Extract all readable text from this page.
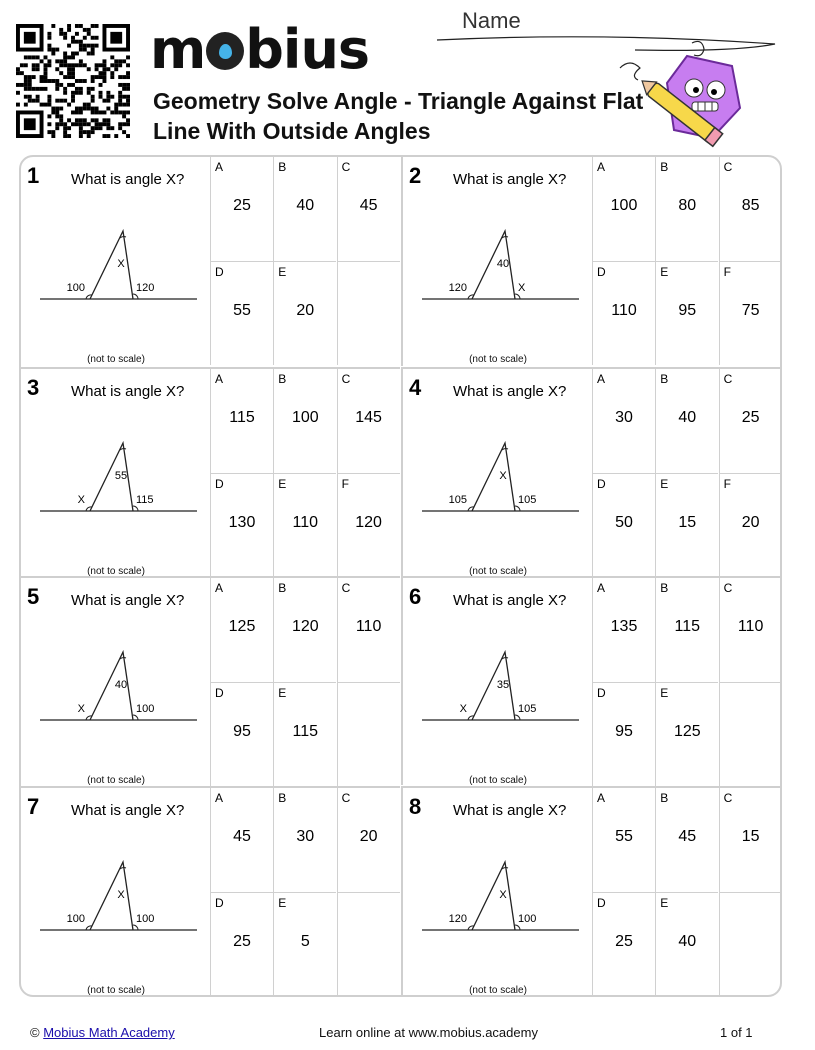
m bius
Geometry Solve Angle - Triangle Against Flat Line With Outside Angles
Name
1 What is angle X?
100
X
120
(not to scale)
A
25
B
40
C
45
D
55
E
20
2 What is angle X?
120
40
X
(not to scale)
A
100
B
80
C
85
D
110
E
95
F
75
3 What is angle X?
X
55
115
(not to scale)
A
115
B
100
C
145
D
130
E
110
F
120
4 What is angle X?
105
X
105
(not to scale)
A
30
B
40
C
25
D
50
E
15
F
20
5 What is angle X?
X
40
100
(not to scale)
A
125
B
120
C
110
D
95
E
115
6 What is angle X?
X
35
105
(not to scale)
A
135
B
115
C
110
D
95
E
125
7 What is angle X?
100
X
100
(not to scale)
A
45
B
30
C
20
D
25
E
5
8 What is angle X?
120
X
100
(not to scale)
A
55
B
45
C
15
D
25
E
40
© Mobius Math Academy	Learn online at www.mobius.academy	1 of 1
